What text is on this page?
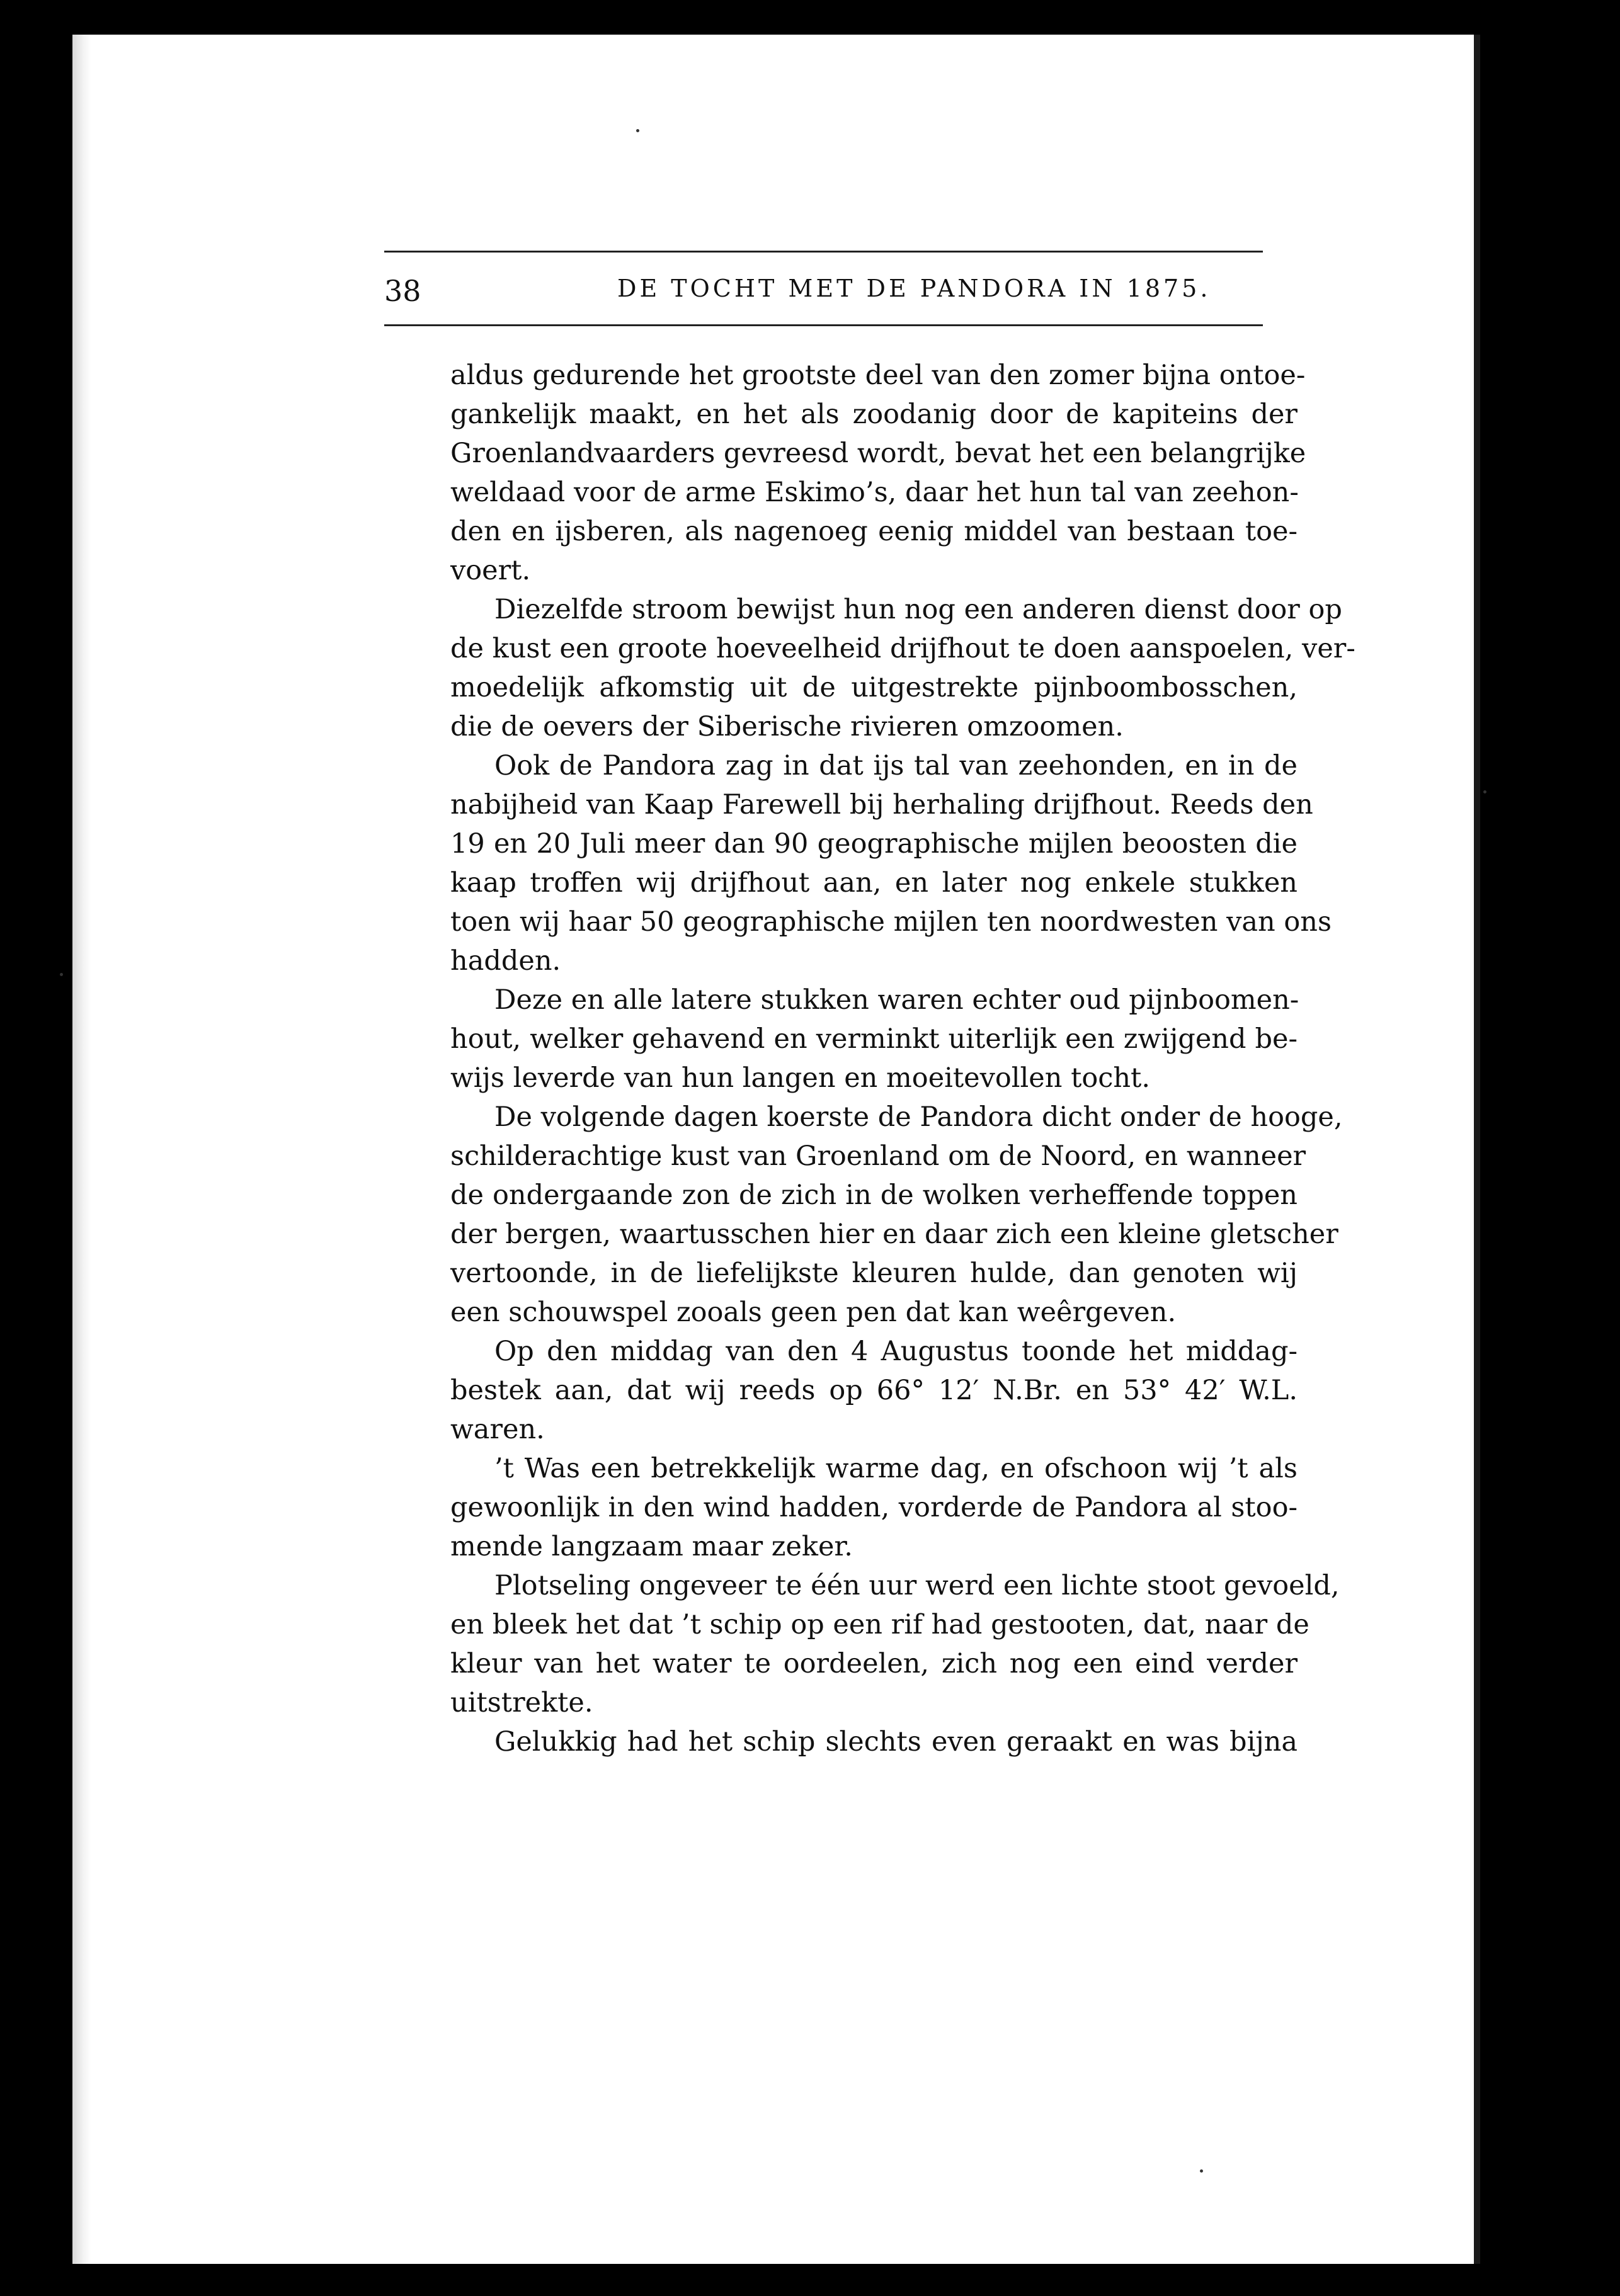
38	DE TOCHT MET DE PANDORA IN 1875.
aldus gedurende het grootste deel van den zomer bijna ontoe-
gankelijk maakt, en het als zoodanig door de kapiteins der
Groenlandvaarders gevreesd wordt, bevat het een belangrijke
weldaad voor de arme Eskimo’s, daar het hun tal van zeehon-
den en ijsberen, als nagenoeg eenig middel van bestaan toe-
voert.
Diezelfde stroom bewijst hun nog een anderen dienst door op
de kust een groote hoeveelheid drijfhout te doen aanspoelen, ver-
moedelijk afkomstig uit de uitgestrekte pijnboombosschen,
die de oevers der Siberische rivieren omzoomen.
Ook de Pandora zag in dat ijs tal van zeehonden, en in de
nabijheid van Kaap Farewell bij herhaling drijfhout. Reeds den
19 en 20 Juli meer dan 90 geographische mijlen beoosten die
kaap troffen wij drijfhout aan, en later nog enkele stukken
toen wij haar 50 geographische mijlen ten noordwesten van ons
hadden.
Deze en alle latere stukken waren echter oud pijnboomen-
hout, welker gehavend en verminkt uiterlijk een zwijgend be-
wijs leverde van hun langen en moeitevollen tocht.
De volgende dagen koerste de Pandora dicht onder de hooge,
schilderachtige kust van Groenland om de Noord, en wanneer
de ondergaande zon de zich in de wolken verheffende toppen
der bergen, waartusschen hier en daar zich een kleine gletscher
vertoonde, in de liefelijkste kleuren hulde, dan genoten wij
een schouwspel zooals geen pen dat kan weêrgeven.
Op den middag van den 4 Augustus toonde het middag-
bestek aan, dat wij reeds op 66° 12′ N.Br. en 53° 42′ W.L.
waren.
’t Was een betrekkelijk warme dag, en ofschoon wij ’t als
gewoonlijk in den wind hadden, vorderde de Pandora al stoo-
mende langzaam maar zeker.
Plotseling ongeveer te één uur werd een lichte stoot gevoeld,
en bleek het dat ’t schip op een rif had gestooten, dat, naar de
kleur van het water te oordeelen, zich nog een eind verder
uitstrekte.
Gelukkig had het schip slechts even geraakt en was bijna
